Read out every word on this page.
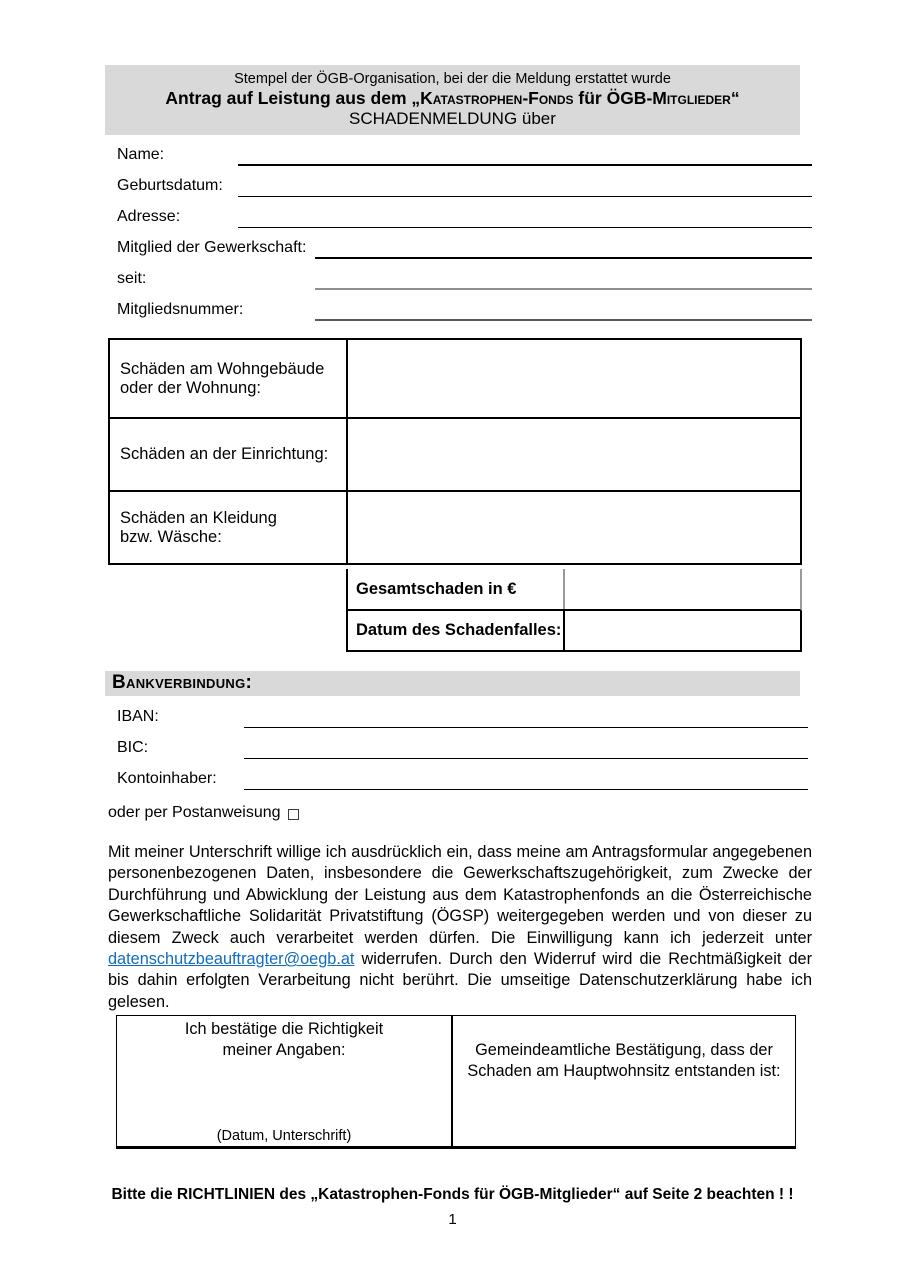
Stempel der ÖGB-Organisation, bei der die Meldung erstattet wurde
Antrag auf Leistung aus dem „Katastrophen-Fonds für ÖGB-Mitglieder“
SCHADENMELDUNG über
Name:
Geburtsdatum:
Adresse:
Mitglied der Gewerkschaft:
seit:
Mitgliedsnummer:
Schäden am Wohngebäude
oder der Wohnung:
Schäden an der Einrichtung:
Schäden an Kleidung
bzw. Wäsche:
Gesamtschaden in €
Datum des Schadenfalles:
Bankverbindung:
IBAN:
BIC:
Kontoinhaber:
oder per Postanweisung
Mit meiner Unterschrift willige ich ausdrücklich ein, dass meine am Antragsformular angegebenen personenbezogenen Daten, insbesondere die Gewerkschaftszugehörigkeit, zum Zwecke der Durchführung und Abwicklung der Leistung aus dem Katastrophenfonds an die Österreichische Gewerkschaftliche Solidarität Privatstiftung (ÖGSP) weitergegeben werden und von dieser zu diesem Zweck auch verarbeitet werden dürfen. Die Einwilligung kann ich jederzeit unter datenschutzbeauftragter@oegb.at widerrufen. Durch den Widerruf wird die Rechtmäßigkeit der bis dahin erfolgten Verarbeitung nicht berührt. Die umseitige Datenschutzerklärung habe ich gelesen.
Ich bestätige die Richtigkeit
meiner Angaben:
(Datum, Unterschrift)

Gemeindeamtliche Bestätigung, dass der
Schaden am Hauptwohnsitz entstanden ist:

Bitte die RICHTLINIEN des „Katastrophen-Fonds für ÖGB-Mitglieder“ auf Seite 2 beachten ! !
1
